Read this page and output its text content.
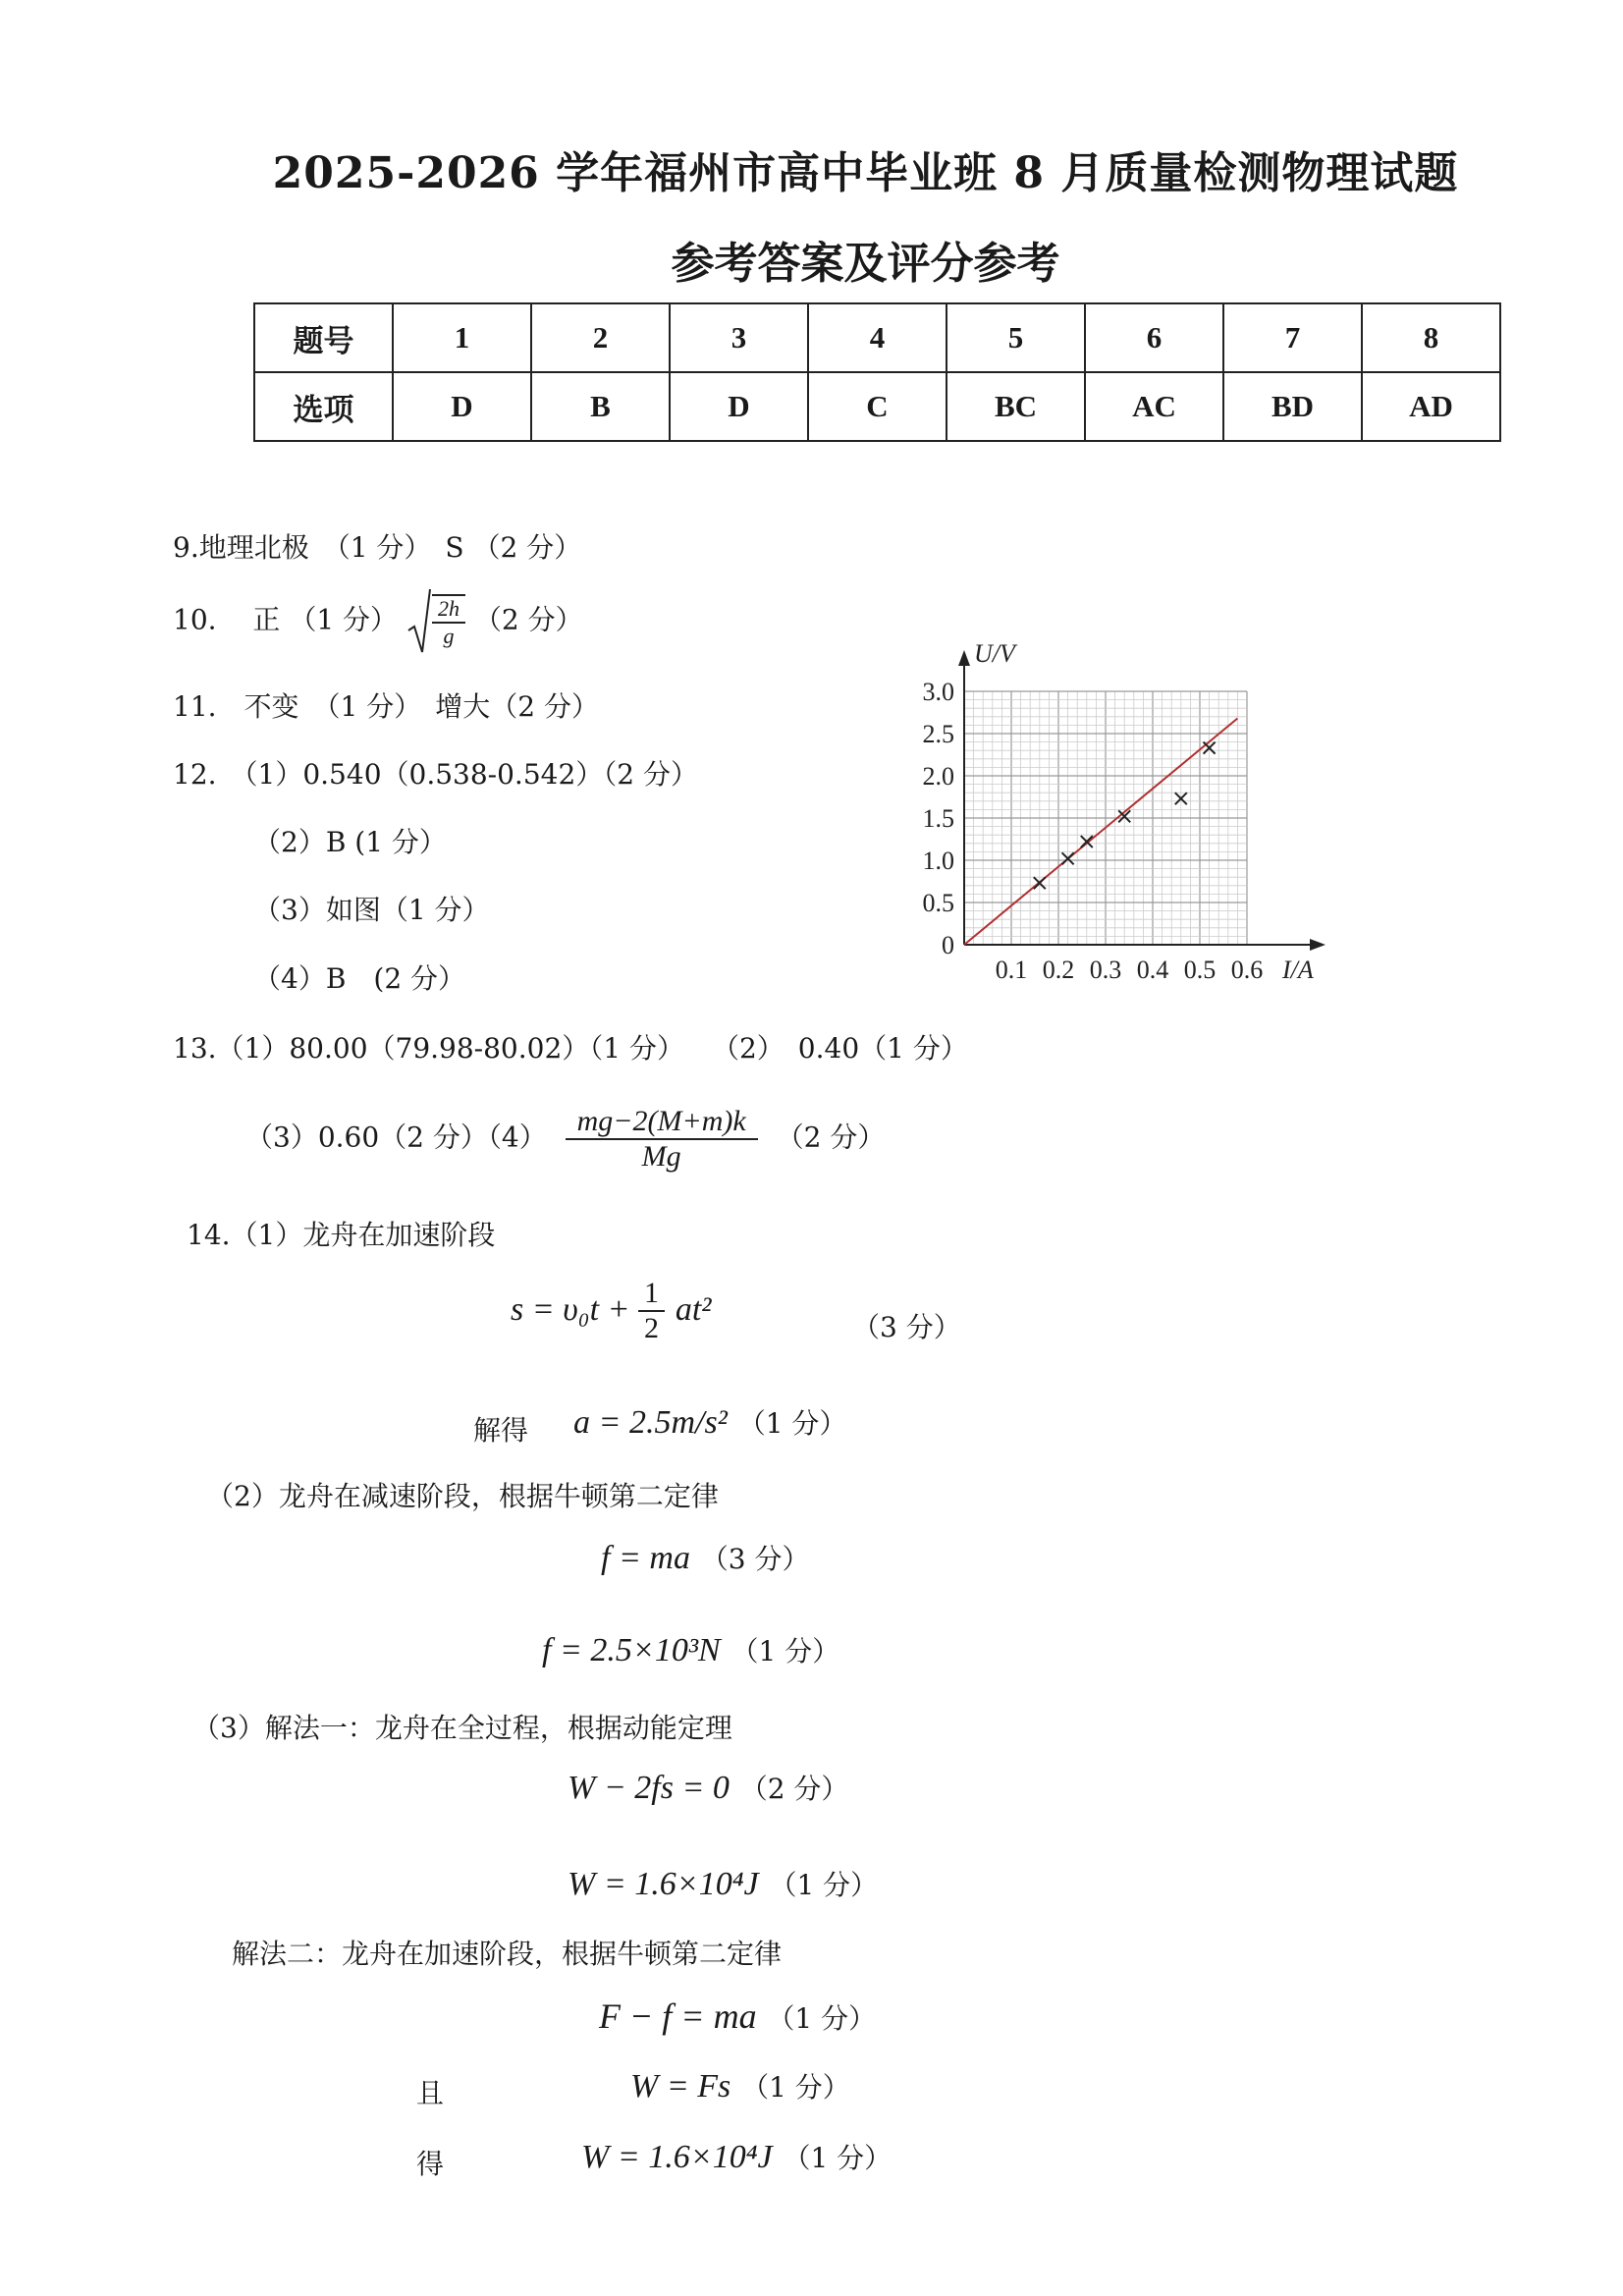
2025-2026 学年福州市高中毕业班 8 月质量检测物理试题
参考答案及评分参考
题号	1	2	3	4	5	6	7	8
选项	D	B	D	C	BC	AC	BD	AD
9.地理北极　（1 分）　S （2 分）
10.　 正 （1 分） $\frac{2h}{g} (2$ 分）
11.　不变　（1 分）　增大（2 分）
12.　（1）0.540（0.538-0.542）（2 分）
（2）B (1 分）
（3）如图（1 分）
（4）B　(2 分）
0
0.5
1.0
1.5
2.0
2.5
3.0
0.1 0.2 0.3 0.4 0.5 0.6
U/V
I/A
13.（1）80.00（79.98-80.02）（1 分）　　（2）　0.40（1 分）
（3）0.60（2 分）$(4) \frac{mg-2(M+m)k}{Mg} (2$ 分）
14.（1）龙舟在加速阶段
$s = \upsilon_0t + \frac{1}{2} at^2$	（3 分）
解得 a = 2.5m/s² （1 分）
（2）龙舟在减速阶段，根据牛顿第二定律
f = ma （3 分）
f = 2.5×10³N （1 分）
（3）解法一：龙舟在全过程，根据动能定理
W − 2fs = 0 （2 分）
W = 1.6×10⁴J （1 分）
解法二：龙舟在加速阶段，根据牛顿第二定律
F − f = ma （1 分）
且	W = Fs （1 分）
得	W = 1.6×10⁴J （1 分）
